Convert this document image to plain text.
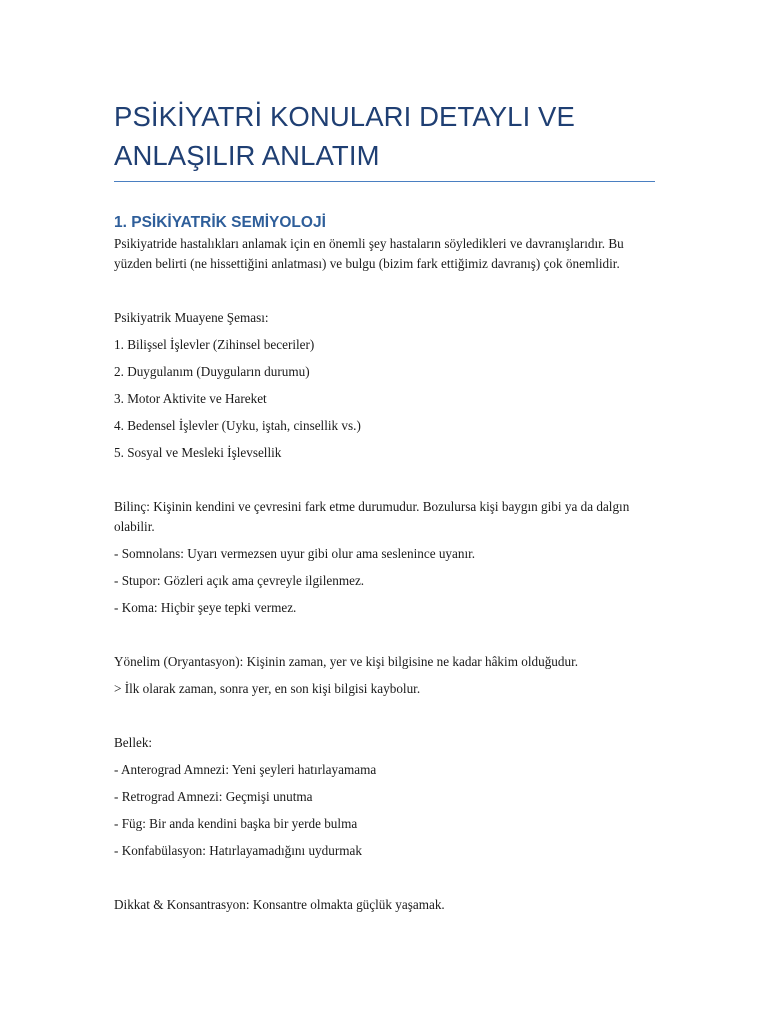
PSİKİYATRİ KONULARI DETAYLI VE ANLAŞILIR ANLATIM
1. PSİKİYATRİK SEMİYOLOJİ

Psikiyatride hastalıkları anlamak için en önemli şey hastaların söyledikleri ve davranışlarıdır. Bu yüzden belirti (ne hissettiğini anlatması) ve bulgu (bizim fark ettiğimiz davranış) çok önemlidir.

Psikiyatrik Muayene Şeması:

1. Bilişsel İşlevler (Zihinsel beceriler)

2. Duygulanım (Duyguların durumu)

3. Motor Aktivite ve Hareket

4. Bedensel İşlevler (Uyku, iştah, cinsellik vs.)

5. Sosyal ve Mesleki İşlevsellik

Bilinç: Kişinin kendini ve çevresini fark etme durumudur. Bozulursa kişi baygın gibi ya da dalgın olabilir.

- Somnolans: Uyarı vermezsen uyur gibi olur ama seslenince uyanır.

- Stupor: Gözleri açık ama çevreyle ilgilenmez.

- Koma: Hiçbir şeye tepki vermez.

Yönelim (Oryantasyon): Kişinin zaman, yer ve kişi bilgisine ne kadar hâkim olduğudur.

> İlk olarak zaman, sonra yer, en son kişi bilgisi kaybolur.

Bellek:

- Anterograd Amnezi: Yeni şeyleri hatırlayamama

- Retrograd Amnezi: Geçmişi unutma

- Füg: Bir anda kendini başka bir yerde bulma

- Konfabülasyon: Hatırlayamadığını uydurmak

Dikkat & Konsantrasyon: Konsantre olmakta güçlük yaşamak.
